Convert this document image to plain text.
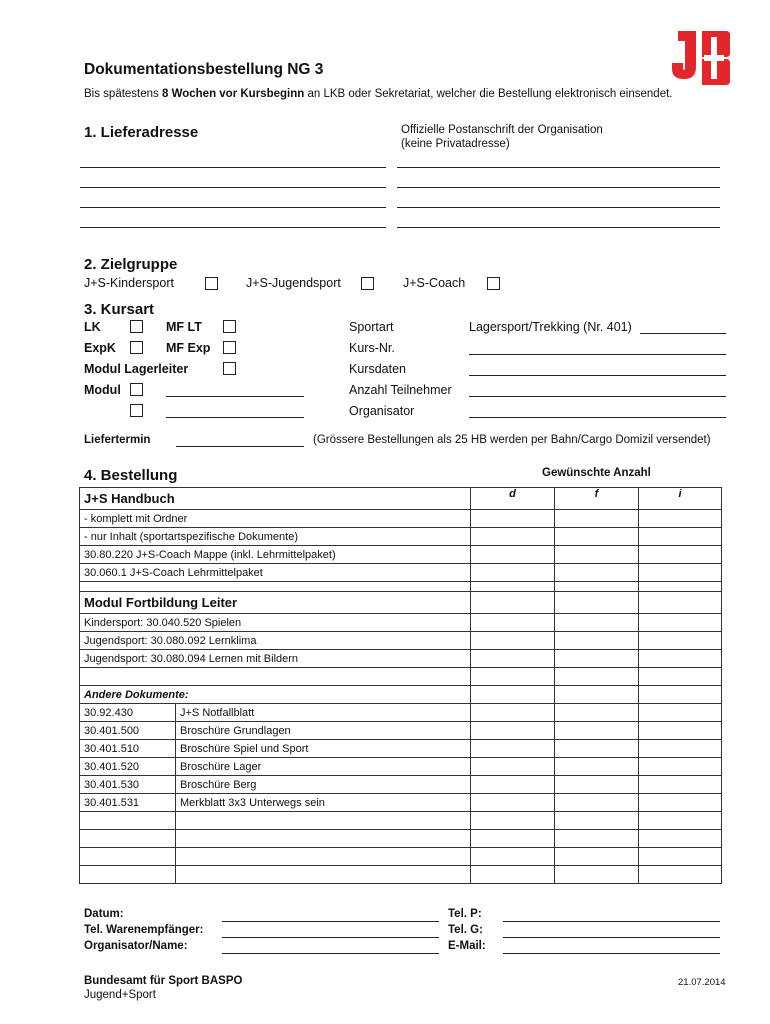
Dokumentationsbestellung NG 3
Bis spätestens 8 Wochen vor Kursbeginn an LKB oder Sekretariat, welcher die Bestellung elektronisch einsendet.
1. Lieferadresse	Offizielle Postanschrift der Organisation
(keine Privatadresse)
2. Zielgruppe
J+S-Kindersport	J+S-Jugendsport	J+S-Coach
3. Kursart
LK	MF LT
ExpK	MF Exp
Modul Lagerleiter
Modul
Sportart	Lagersport/Trekking (Nr. 401)
Kurs-Nr.
Kursdaten
Anzahl Teilnehmer
Organisator
Liefertermin	(Grössere Bestellungen als 25 HB werden per Bahn/Cargo Domizil versendet)
4. Bestellung	Gewünschte Anzahl
J+S Handbuch		d	f	i
- komplett mit Ordner				
- nur Inhalt (sportartspezifische Dokumente)				
30.80.220 J+S-Coach Mappe (inkl. Lehrmittelpaket)				
30.060.1 J+S-Coach Lehrmittelpaket				

Modul Fortbildung Leiter				
Kindersport: 30.040.520 Spielen				
Jugendsport: 30.080.092 Lernklima				
Jugendsport: 30.080.094 Lernen mit Bildern				

Andere Dokumente:				
30.92.430	J+S Notfallblatt			
30.401.500	Broschüre Grundlagen			
30.401.510	Broschüre Spiel und Sport			
30.401.520	Broschüre Lager			
30.401.530	Broschüre Berg			
30.401.531	Merkblatt 3x3 Unterwegs sein			

Datum:
Tel. Warenempfänger:
Organisator/Name:
Tel. P:
Tel. G:
E-Mail:
Bundesamt für Sport BASPO
Jugend+Sport
21.07.2014
